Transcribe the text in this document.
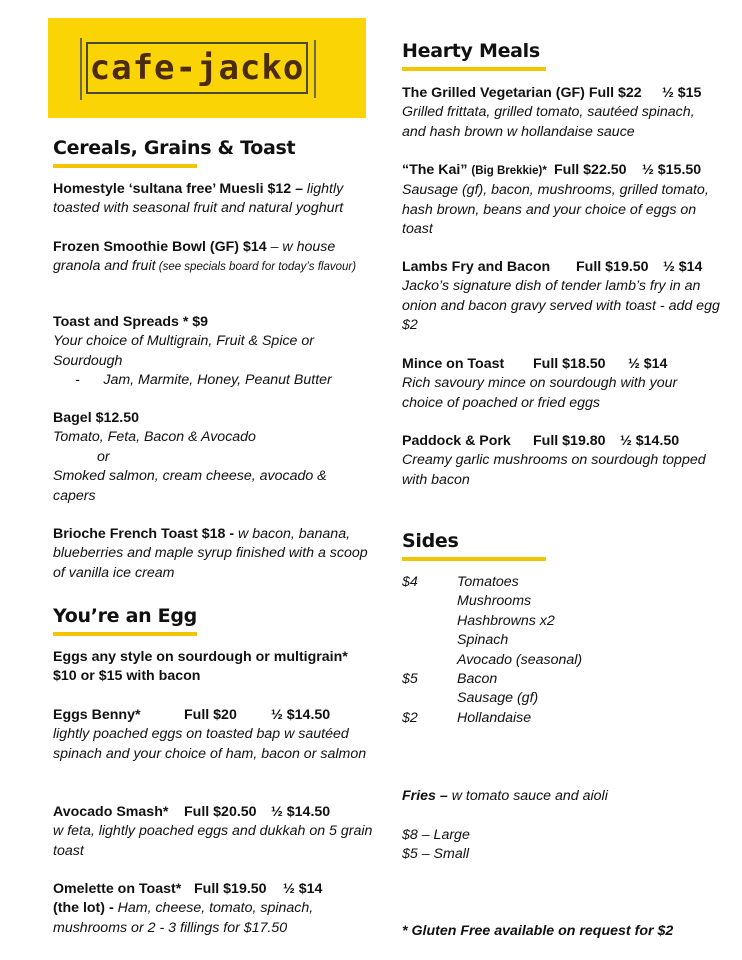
cafe-jacko
Cereals, Grains & Toast
Homestyle ‘sultana free’ Muesli $12 – lightly toasted with seasonal fruit and natural yoghurt
Frozen Smoothie Bowl (GF) $14 – w house granola and fruit (see specials board for today’s flavour)
Toast and Spreads * $9
Your choice of Multigrain, Fruit & Spice or Sourdough
-      Jam, Marmite, Honey, Peanut Butter
Bagel $12.50
Tomato, Feta, Bacon & Avocado
or
Smoked salmon, cream cheese, avocado & capers
Brioche French Toast $18 - w bacon, banana, blueberries and maple syrup finished with a scoop of vanilla ice cream
You’re an Egg
Eggs any style on sourdough or multigrain*
$10 or $15 with bacon
Eggs Benny*	Full $20 ½ $14.50

lightly poached eggs on toasted bap w sautéed spinach and your choice of ham, bacon or salmon
Avocado Smash* Full $20.50 ½ $14.50

w feta, lightly poached eggs and dukkah on 5 grain toast
Omelette on Toast* Full $19.50 ½ $14

(the lot) - Ham, cheese, tomato, spinach, mushrooms or 2 - 3 fillings for $17.50
Hearty Meals
The Grilled Vegetarian (GF) Full $22 ½ $15

Grilled frittata, grilled tomato, sautéed spinach, and hash brown w hollandaise sauce
“The Kai” (Big Brekkie)* Full $22.50 ½ $15.50

Sausage (gf), bacon, mushrooms, grilled tomato, hash brown, beans and your choice of eggs on toast
Lambs Fry and Bacon Full $19.50 ½ $14

Jacko’s signature dish of tender lamb’s fry in an onion and bacon gravy served with toast - add egg $2
Mince on Toast Full $18.50 ½ $14

Rich savoury mince on sourdough with your choice of poached or fried eggs
Paddock & Pork Full $19.80 ½ $14.50

Creamy garlic mushrooms on sourdough topped with bacon
Sides
$4	Tomatoes
Mushrooms
Hashbrowns x2
Spinach
Avocado (seasonal)
$5	Bacon
Sausage (gf)
$2	Hollandaise
Fries – w tomato sauce and aioli
$8 – Large
$5 – Small
* Gluten Free available on request for $2
